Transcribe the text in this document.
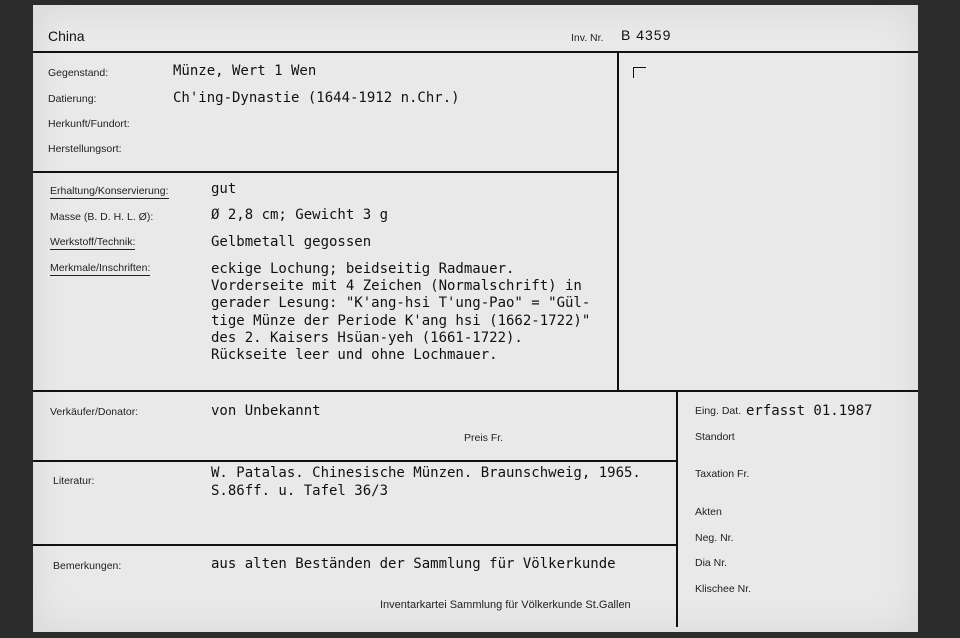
China	Inv. Nr. B 4359
Gegenstand:	Münze, Wert 1 Wen
Datierung:	Ch'ing-Dynastie (1644-1912 n.Chr.)
Herkunft/Fundort:
Herstellungsort:
Erhaltung/Konservierung:	gut
Masse (B. D. H. L. Ø):	Ø 2,8 cm; Gewicht 3 g
Werkstoff/Technik:	Gelbmetall gegossen
Merkmale/Inschriften:	eckige Lochung; beidseitig Radmauer.
Vorderseite mit 4 Zeichen (Normalschrift) in
gerader Lesung: "K'ang-hsi T'ung-Pao" = "Gül-
tige Münze der Periode K'ang hsi (1662-1722)"
des 2. Kaisers Hsüan-yeh (1661-1722).
Rückseite leer und ohne Lochmauer.
Verkäufer/Donator:	von Unbekannt
Preis Fr.
Literatur:	W. Patalas. Chinesische Münzen. Braunschweig, 1965.
S.86ff. u. Tafel 36/3
Bemerkungen:	aus alten Beständen der Sammlung für Völkerkunde
Inventarkartei Sammlung für Völkerkunde St.Gallen
Eing. Dat. erfasst 01.1987
Standort
Taxation Fr.
Akten
Neg. Nr.
Dia Nr.
Klischee Nr.
